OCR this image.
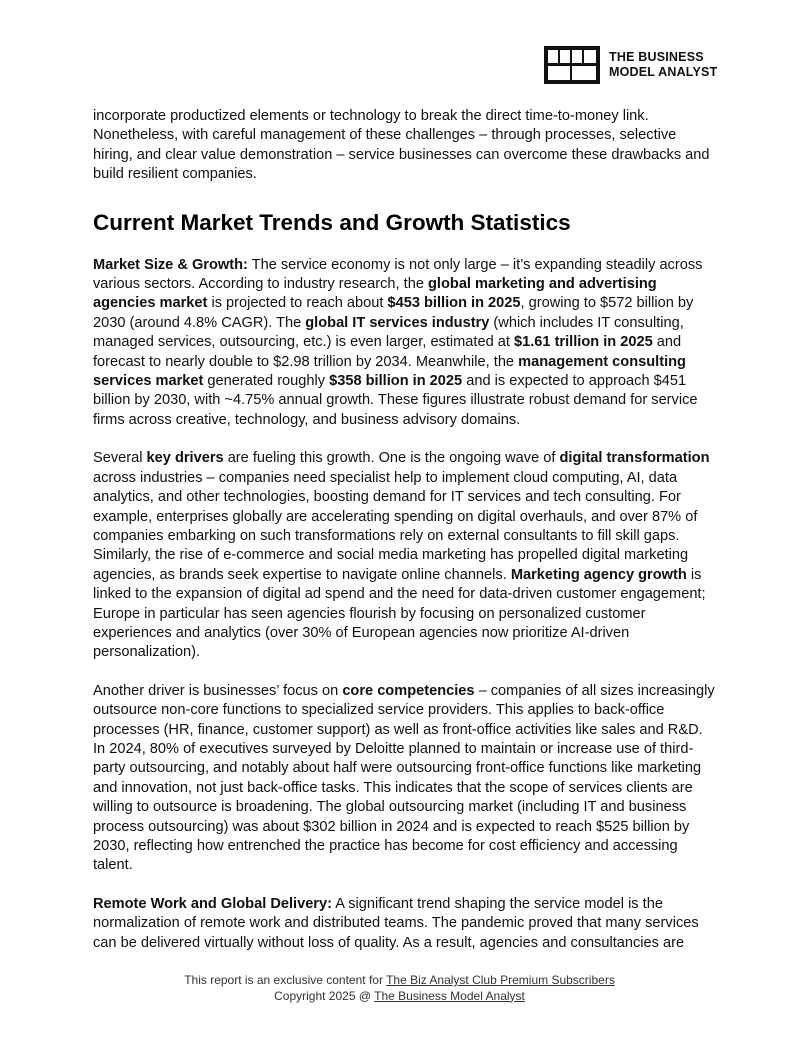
THE BUSINESS
MODEL ANALYST

incorporate productized elements or technology to break the direct time-to-money link. Nonetheless, with careful management of these challenges – through processes, selective hiring, and clear value demonstration – service businesses can overcome these drawbacks and build resilient companies.

Current Market Trends and Growth Statistics

Market Size & Growth: The service economy is not only large – it’s expanding steadily across various sectors. According to industry research, the global marketing and advertising agencies market is projected to reach about $453 billion in 2025, growing to $572 billion by 2030 (around 4.8% CAGR). The global IT services industry (which includes IT consulting, managed services, outsourcing, etc.) is even larger, estimated at $1.61 trillion in 2025 and forecast to nearly double to $2.98 trillion by 2034. Meanwhile, the management consulting services market generated roughly $358 billion in 2025 and is expected to approach $451 billion by 2030, with ~4.75% annual growth. These figures illustrate robust demand for service firms across creative, technology, and business advisory domains.

Several key drivers are fueling this growth. One is the ongoing wave of digital transformation across industries – companies need specialist help to implement cloud computing, AI, data analytics, and other technologies, boosting demand for IT services and tech consulting. For example, enterprises globally are accelerating spending on digital overhauls, and over 87% of companies embarking on such transformations rely on external consultants to fill skill gaps. Similarly, the rise of e-commerce and social media marketing has propelled digital marketing agencies, as brands seek expertise to navigate online channels. Marketing agency growth is linked to the expansion of digital ad spend and the need for data-driven customer engagement; Europe in particular has seen agencies flourish by focusing on personalized customer experiences and analytics (over 30% of European agencies now prioritize AI-driven personalization).

Another driver is businesses’ focus on core competencies – companies of all sizes increasingly outsource non-core functions to specialized service providers. This applies to back-office processes (HR, finance, customer support) as well as front-office activities like sales and R&D. In 2024, 80% of executives surveyed by Deloitte planned to maintain or increase use of third-party outsourcing, and notably about half were outsourcing front-office functions like marketing and innovation, not just back-office tasks. This indicates that the scope of services clients are willing to outsource is broadening. The global outsourcing market (including IT and business process outsourcing) was about $302 billion in 2024 and is expected to reach $525 billion by 2030, reflecting how entrenched the practice has become for cost efficiency and accessing talent.

Remote Work and Global Delivery: A significant trend shaping the service model is the normalization of remote work and distributed teams. The pandemic proved that many services can be delivered virtually without loss of quality. As a result, agencies and consultancies are

This report is an exclusive content for The Biz Analyst Club Premium Subscribers
Copyright 2025 @ The Business Model Analyst
